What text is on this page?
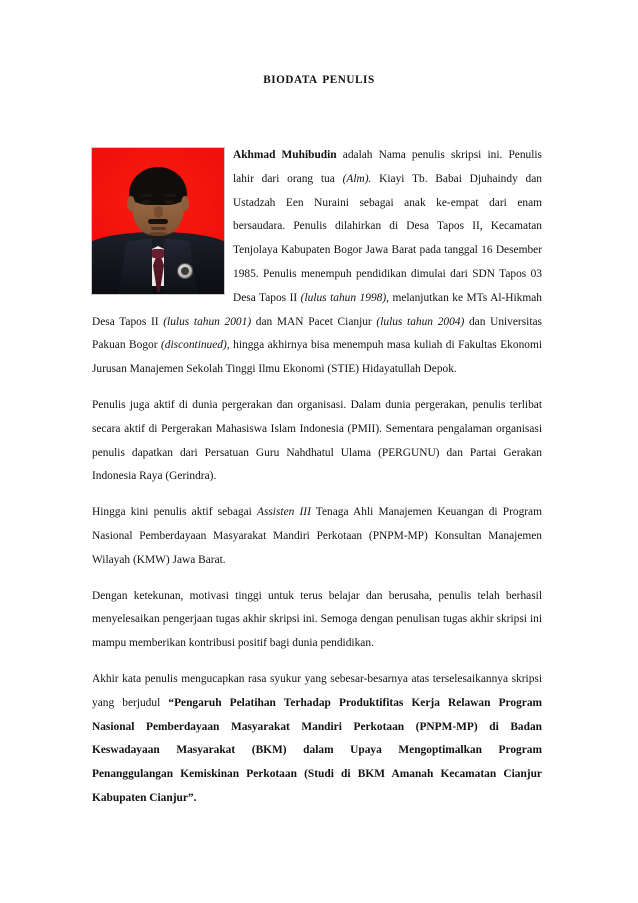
BIODATA PENULIS

Akhmad Muhibudin adalah Nama penulis skripsi ini. Penulis lahir dari orang tua (Alm). Kiayi Tb. Babai Djuhaindy dan Ustadzah Een Nuraini sebagai anak ke-empat dari enam bersaudara. Penulis dilahirkan di Desa Tapos II, Kecamatan Tenjolaya Kabupaten Bogor Jawa Barat pada tanggal 16 Desember 1985. Penulis menempuh pendidikan dimulai dari SDN Tapos 03 Desa Tapos II (lulus tahun 1998), melanjutkan ke MTs Al-Hikmah Desa Tapos II (lulus tahun 2001) dan MAN Pacet Cianjur (lulus tahun 2004) dan Universitas Pakuan Bogor (discontinued), hingga akhirnya bisa menempuh masa kuliah di Fakultas Ekonomi Jurusan Manajemen Sekolah Tinggi Ilmu Ekonomi (STIE) Hidayatullah Depok.

Penulis juga aktif di dunia pergerakan dan organisasi. Dalam dunia pergerakan, penulis terlibat secara aktif di Pergerakan Mahasiswa Islam Indonesia (PMII). Sementara pengalaman organisasi penulis dapatkan dari Persatuan Guru Nahdhatul Ulama (PERGUNU) dan Partai Gerakan Indonesia Raya (Gerindra).

Hingga kini penulis aktif sebagai Assisten III Tenaga Ahli Manajemen Keuangan di Program Nasional Pemberdayaan Masyarakat Mandiri Perkotaan (PNPM-MP) Konsultan Manajemen Wilayah (KMW) Jawa Barat.

Dengan ketekunan, motivasi tinggi untuk terus belajar dan berusaha, penulis telah berhasil menyelesaikan pengerjaan tugas akhir skripsi ini. Semoga dengan penulisan tugas akhir skripsi ini mampu memberikan kontribusi positif bagi dunia pendidikan.

Akhir kata penulis mengucapkan rasa syukur yang sebesar-besarnya atas terselesaikannya skripsi yang berjudul “Pengaruh Pelatihan Terhadap Produktifitas Kerja Relawan Program Nasional Pemberdayaan Masyarakat Mandiri Perkotaan (PNPM-MP) di Badan Keswadayaan Masyarakat (BKM) dalam Upaya Mengoptimalkan Program Penanggulangan Kemiskinan Perkotaan (Studi di BKM Amanah Kecamatan Cianjur Kabupaten Cianjur”.
